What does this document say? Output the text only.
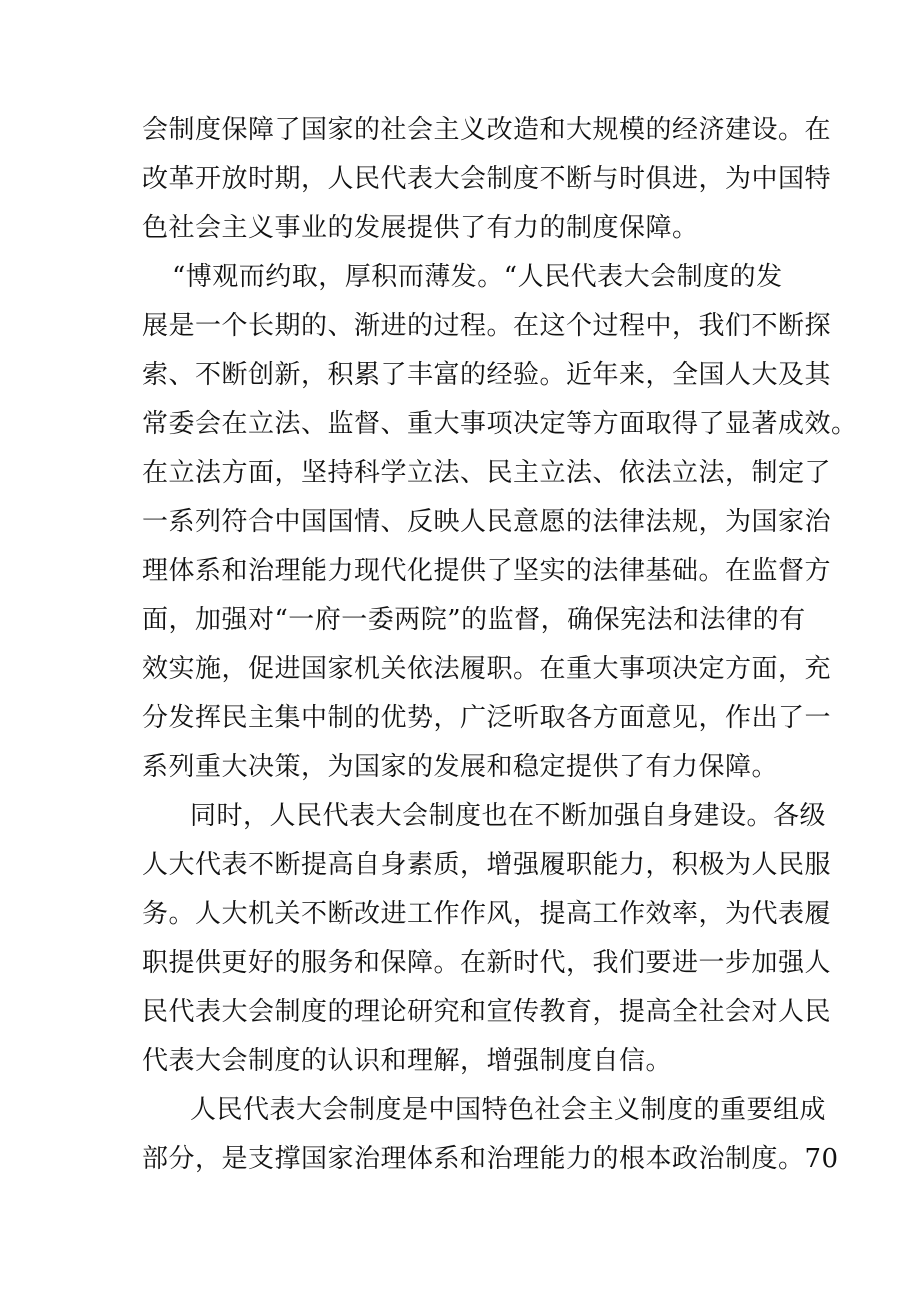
会制度保障了国家的社会主义改造和大规模的经济建设。在
改革开放时期，人民代表大会制度不断与时俱进，为中国特
色社会主义事业的发展提供了有力的制度保障。
“博观而约取，厚积而薄发。“人民代表大会制度的发
展是一个长期的、渐进的过程。在这个过程中，我们不断探
索、不断创新，积累了丰富的经验。近年来，全国人大及其
常委会在立法、监督、重大事项决定等方面取得了显著成效。
在立法方面，坚持科学立法、民主立法、依法立法，制定了
一系列符合中国国情、反映人民意愿的法律法规，为国家治
理体系和治理能力现代化提供了坚实的法律基础。在监督方
面，加强对“一府一委两院”的监督，确保宪法和法律的有
效实施，促进国家机关依法履职。在重大事项决定方面，充
分发挥民主集中制的优势，广泛听取各方面意见，作出了一
系列重大决策，为国家的发展和稳定提供了有力保障。
同时，人民代表大会制度也在不断加强自身建设。各级
人大代表不断提高自身素质，增强履职能力，积极为人民服
务。人大机关不断改进工作作风，提高工作效率，为代表履
职提供更好的服务和保障。在新时代，我们要进一步加强人
民代表大会制度的理论研究和宣传教育，提高全社会对人民
代表大会制度的认识和理解，增强制度自信。
人民代表大会制度是中国特色社会主义制度的重要组成
部分，是支撑国家治理体系和治理能力的根本政治制度。70
